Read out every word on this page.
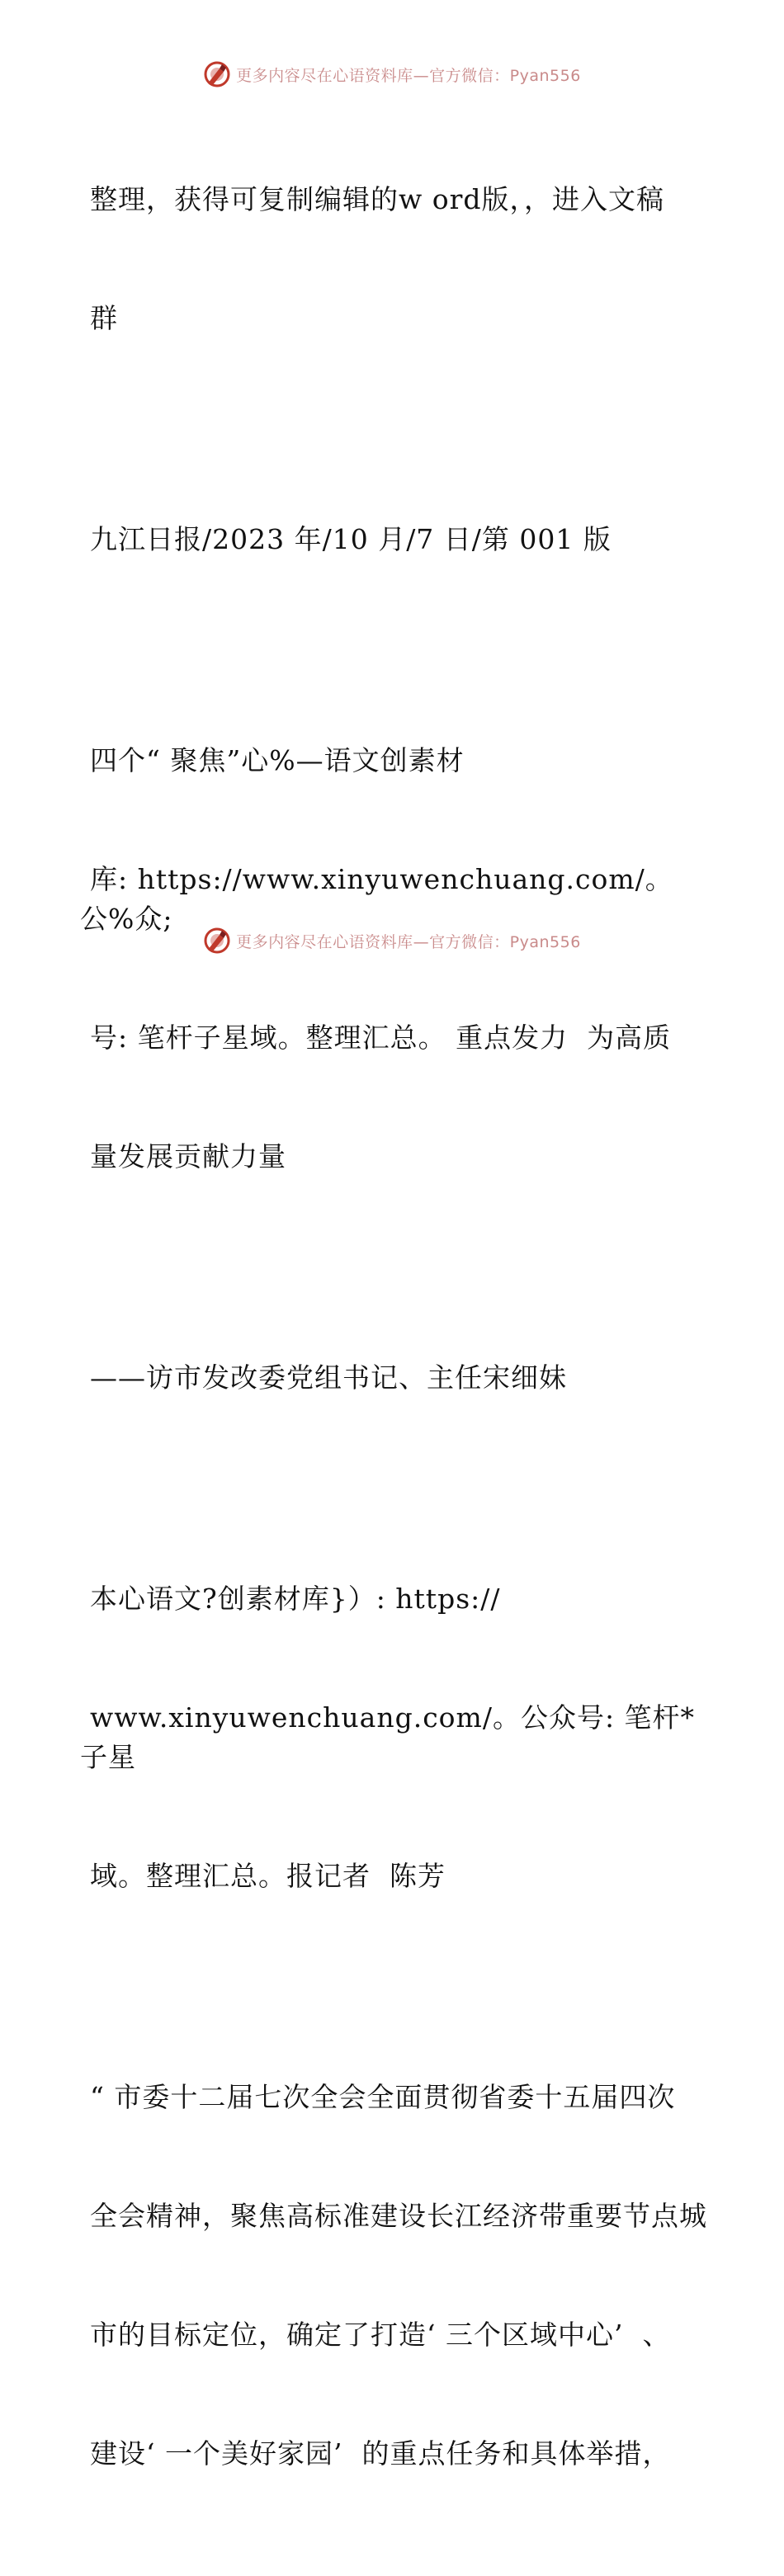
更多内容尽在心语资料库—官方微信：Pyan556

整理，获得可复制编辑的w ord版，，进入文稿

群

九江日报/2023 年/10 月/7 日/第 001 版

四个“ 聚焦”心%—语文创素材

库: https://www.xinyuwenchuang.com/。公%众;

号: 笔杆子星域。整理汇总。 重点发力  为高质

量发展贡献力量

——访市发改委党组书记、主任宋细妹

本心语文?创素材库}）: https://

www.xinyuwenchuang.com/。公众号: 笔杆*子星

域。整理汇总。报记者  陈芳

“ 市委十二届七次全会全面贯彻省委十五届四次

全会精神，聚焦高标准建设长江经济带重要节点城

市的目标定位，确定了打造‘ 三个区域中心’  、

建设‘ 一个美好家园’  的重点任务和具体举措，

更多内容尽在心语资料库—官方微信：Pyan556
